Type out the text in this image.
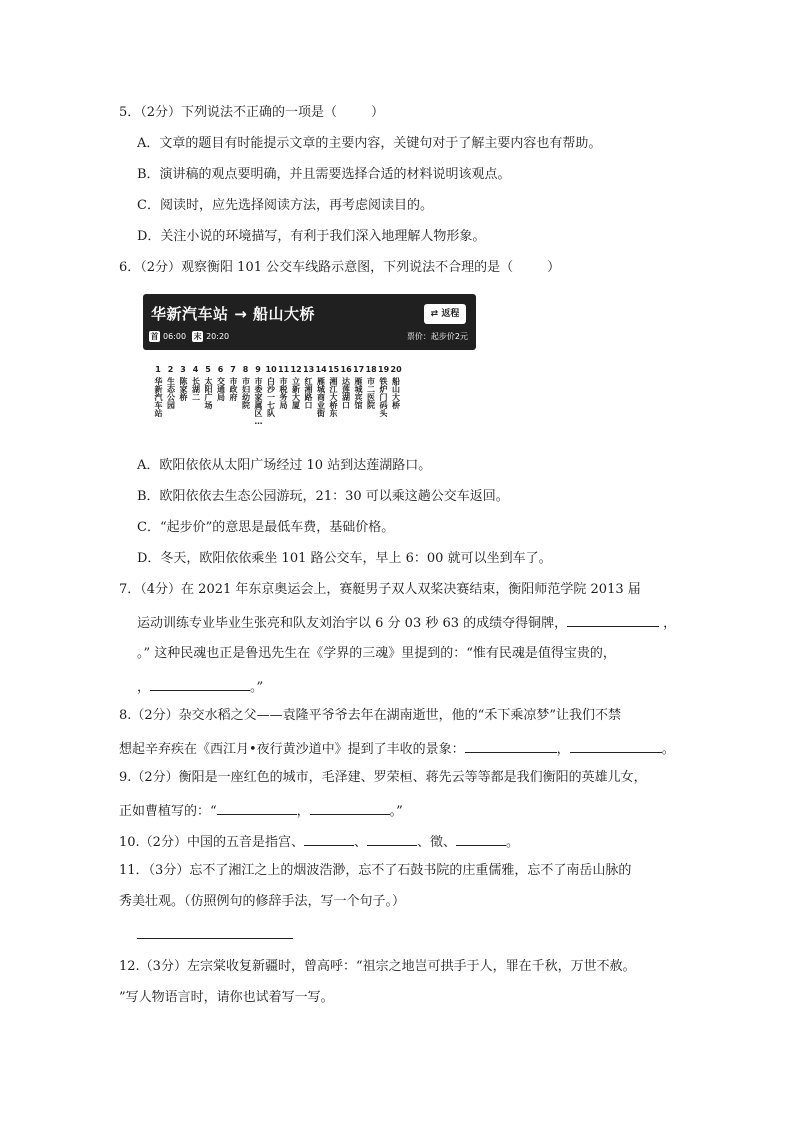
5．（2分）下列说法不正确的一项是（	）
A．文章的题目有时能提示文章的主要内容，关键句对于了解主要内容也有帮助。
B．演讲稿的观点要明确，并且需要选择合适的材料说明该观点。
C．阅读时，应先选择阅读方法，再考虑阅读目的。
D．关注小说的环境描写，有利于我们深入地理解人物形象。
6．（2分）观察衡阳 101 公交车线路示意图，下列说法不合理的是（	）
华新汽车站 → 船山大桥	⇄ 返程
首 06:00 末 20:20	票价：起步价2元
1
华新汽车站
2
生态公园
3
陈家桥
4
长湖二
5
太阳广场
6
交通局
7
市政府
8
市妇幼院
9
市委家属区…
10
白沙一七队
11
市税务局
12
立新大厦
13
红湘路口
14
雁城商业街
15
湘江大桥东
16
达莲湖口
17
雁城宾馆
18
市二医院
19
铁炉门码头
20
船山大桥
A．欧阳依依从太阳广场经过 10 站到达莲湖路口。
B．欧阳依依去生态公园游玩，21：30 可以乘这趟公交车返回。
C．“起步价”的意思是最低车费，基础价格。
D．冬天，欧阳依依乘坐 101 路公交车，早上 6：00 就可以坐到车了。
7．（4分）在 2021 年东京奥运会上，赛艇男子双人双桨决赛结束，衡阳师范学院 2013 届
运动训练专业毕业生张亮和队友刘治宇以 6 分 03 秒 63 的成绩夺得铜牌，	，
。” 这种民魂也正是鲁迅先生在《学界的三魂》里提到的：“惟有民魂是值得宝贵的，
，	。”
8.（2分）杂交水稻之父——袁隆平爷爷去年在湖南逝世，他的“禾下乘凉梦”让我们不禁
想起辛弃疾在《西江月•夜行黄沙道中》提到了丰收的景象：	，	。
9.（2分）衡阳是一座红色的城市，毛泽建、罗荣桓、蒋先云等等都是我们衡阳的英雄儿女，
正如曹植写的：“	，	。”
10.（2分）中国的五音是指宫、	、	、徵、	。
11．（3分）忘不了湘江之上的烟波浩渺，忘不了石鼓书院的庄重儒雅，忘不了南岳山脉的
秀美壮观。（仿照例句的修辞手法，写一个句子。）
12.（3分）左宗棠收复新疆时，曾高呼：“祖宗之地岂可拱手于人，罪在千秋，万世不赦。
”写人物语言时，请你也试着写一写。
